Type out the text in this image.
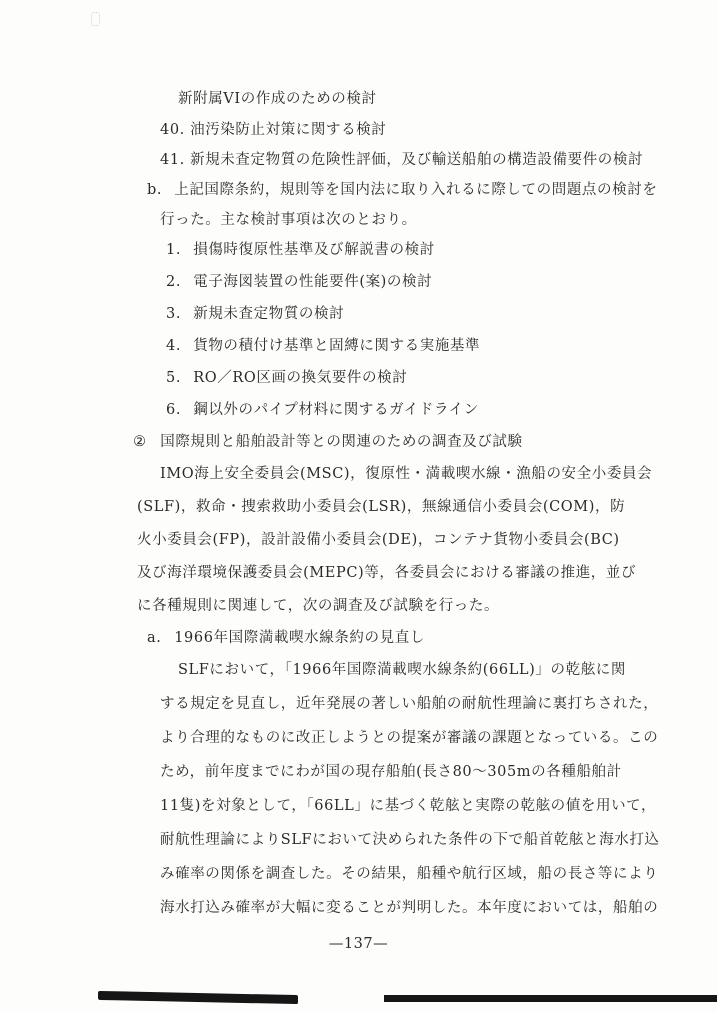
新附属VIの作成のための検討
40. 油汚染防止対策に関する検討
41. 新規未査定物質の危険性評価，及び輸送船舶の構造設備要件の検討
b. 上記国際条約，規則等を国内法に取り入れるに際しての問題点の検討を
行った。主な検討事項は次のとおり。
1. 損傷時復原性基準及び解説書の検討
2. 電子海図装置の性能要件(案)の検討
3. 新規未査定物質の検討
4. 貨物の積付け基準と固縛に関する実施基準
5. RO／RO区画の換気要件の検討
6. 鋼以外のパイプ材料に関するガイドライン
② 国際規則と船舶設計等との関連のための調査及び試験
IMO海上安全委員会(MSC)，復原性・満載喫水線・漁船の安全小委員会
(SLF)，救命・捜索救助小委員会(LSR)，無線通信小委員会(COM)，防
火小委員会(FP)，設計設備小委員会(DE)，コンテナ貨物小委員会(BC)
及び海洋環境保護委員会(MEPC)等，各委員会における審議の推進，並び
に各種規則に関連して，次の調査及び試験を行った。
a. 1966年国際満載喫水線条約の見直し
SLFにおいて，「1966年国際満載喫水線条約(66LL)」の乾舷に関
する規定を見直し，近年発展の著しい船舶の耐航性理論に裏打ちされた，
より合理的なものに改正しようとの提案が審議の課題となっている。この
ため，前年度までにわが国の現存船舶(長さ80～305mの各種船舶計
11隻)を対象として，「66LL」に基づく乾舷と実際の乾舷の値を用いて，
耐航性理論によりSLFにおいて決められた条件の下で船首乾舷と海水打込
み確率の関係を調査した。その結果，船種や航行区域，船の長さ等により
海水打込み確率が大幅に変ることが判明した。本年度においては，船舶の
—137—
